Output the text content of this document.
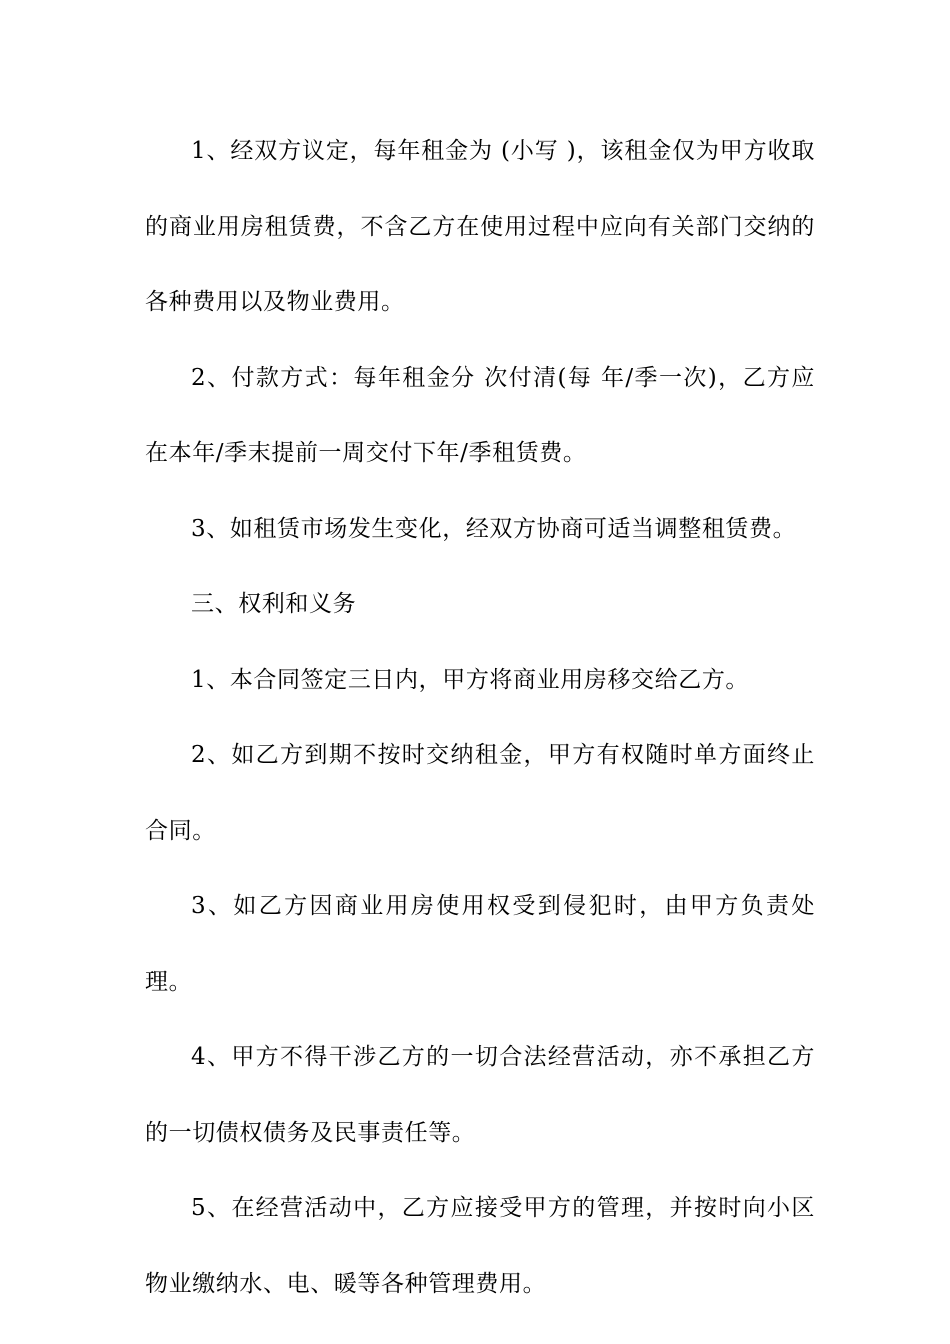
1、经双方议定，每年租金为 (小写 )，该租金仅为甲方收取的商业用房租赁费，不含乙方在使用过程中应向有关部门交纳的各种费用以及物业费用。

2、付款方式：每年租金分 次付清(每 年/季一次)，乙方应在本年/季末提前一周交付下年/季租赁费。

3、如租赁市场发生变化，经双方协商可适当调整租赁费。

三、权利和义务

1、本合同签定三日内，甲方将商业用房移交给乙方。

2、如乙方到期不按时交纳租金，甲方有权随时单方面终止合同。

3、如乙方因商业用房使用权受到侵犯时，由甲方负责处理。

4、甲方不得干涉乙方的一切合法经营活动，亦不承担乙方的一切债权债务及民事责任等。

5、在经营活动中，乙方应接受甲方的管理，并按时向小区物业缴纳水、电、暖等各种管理费用。
